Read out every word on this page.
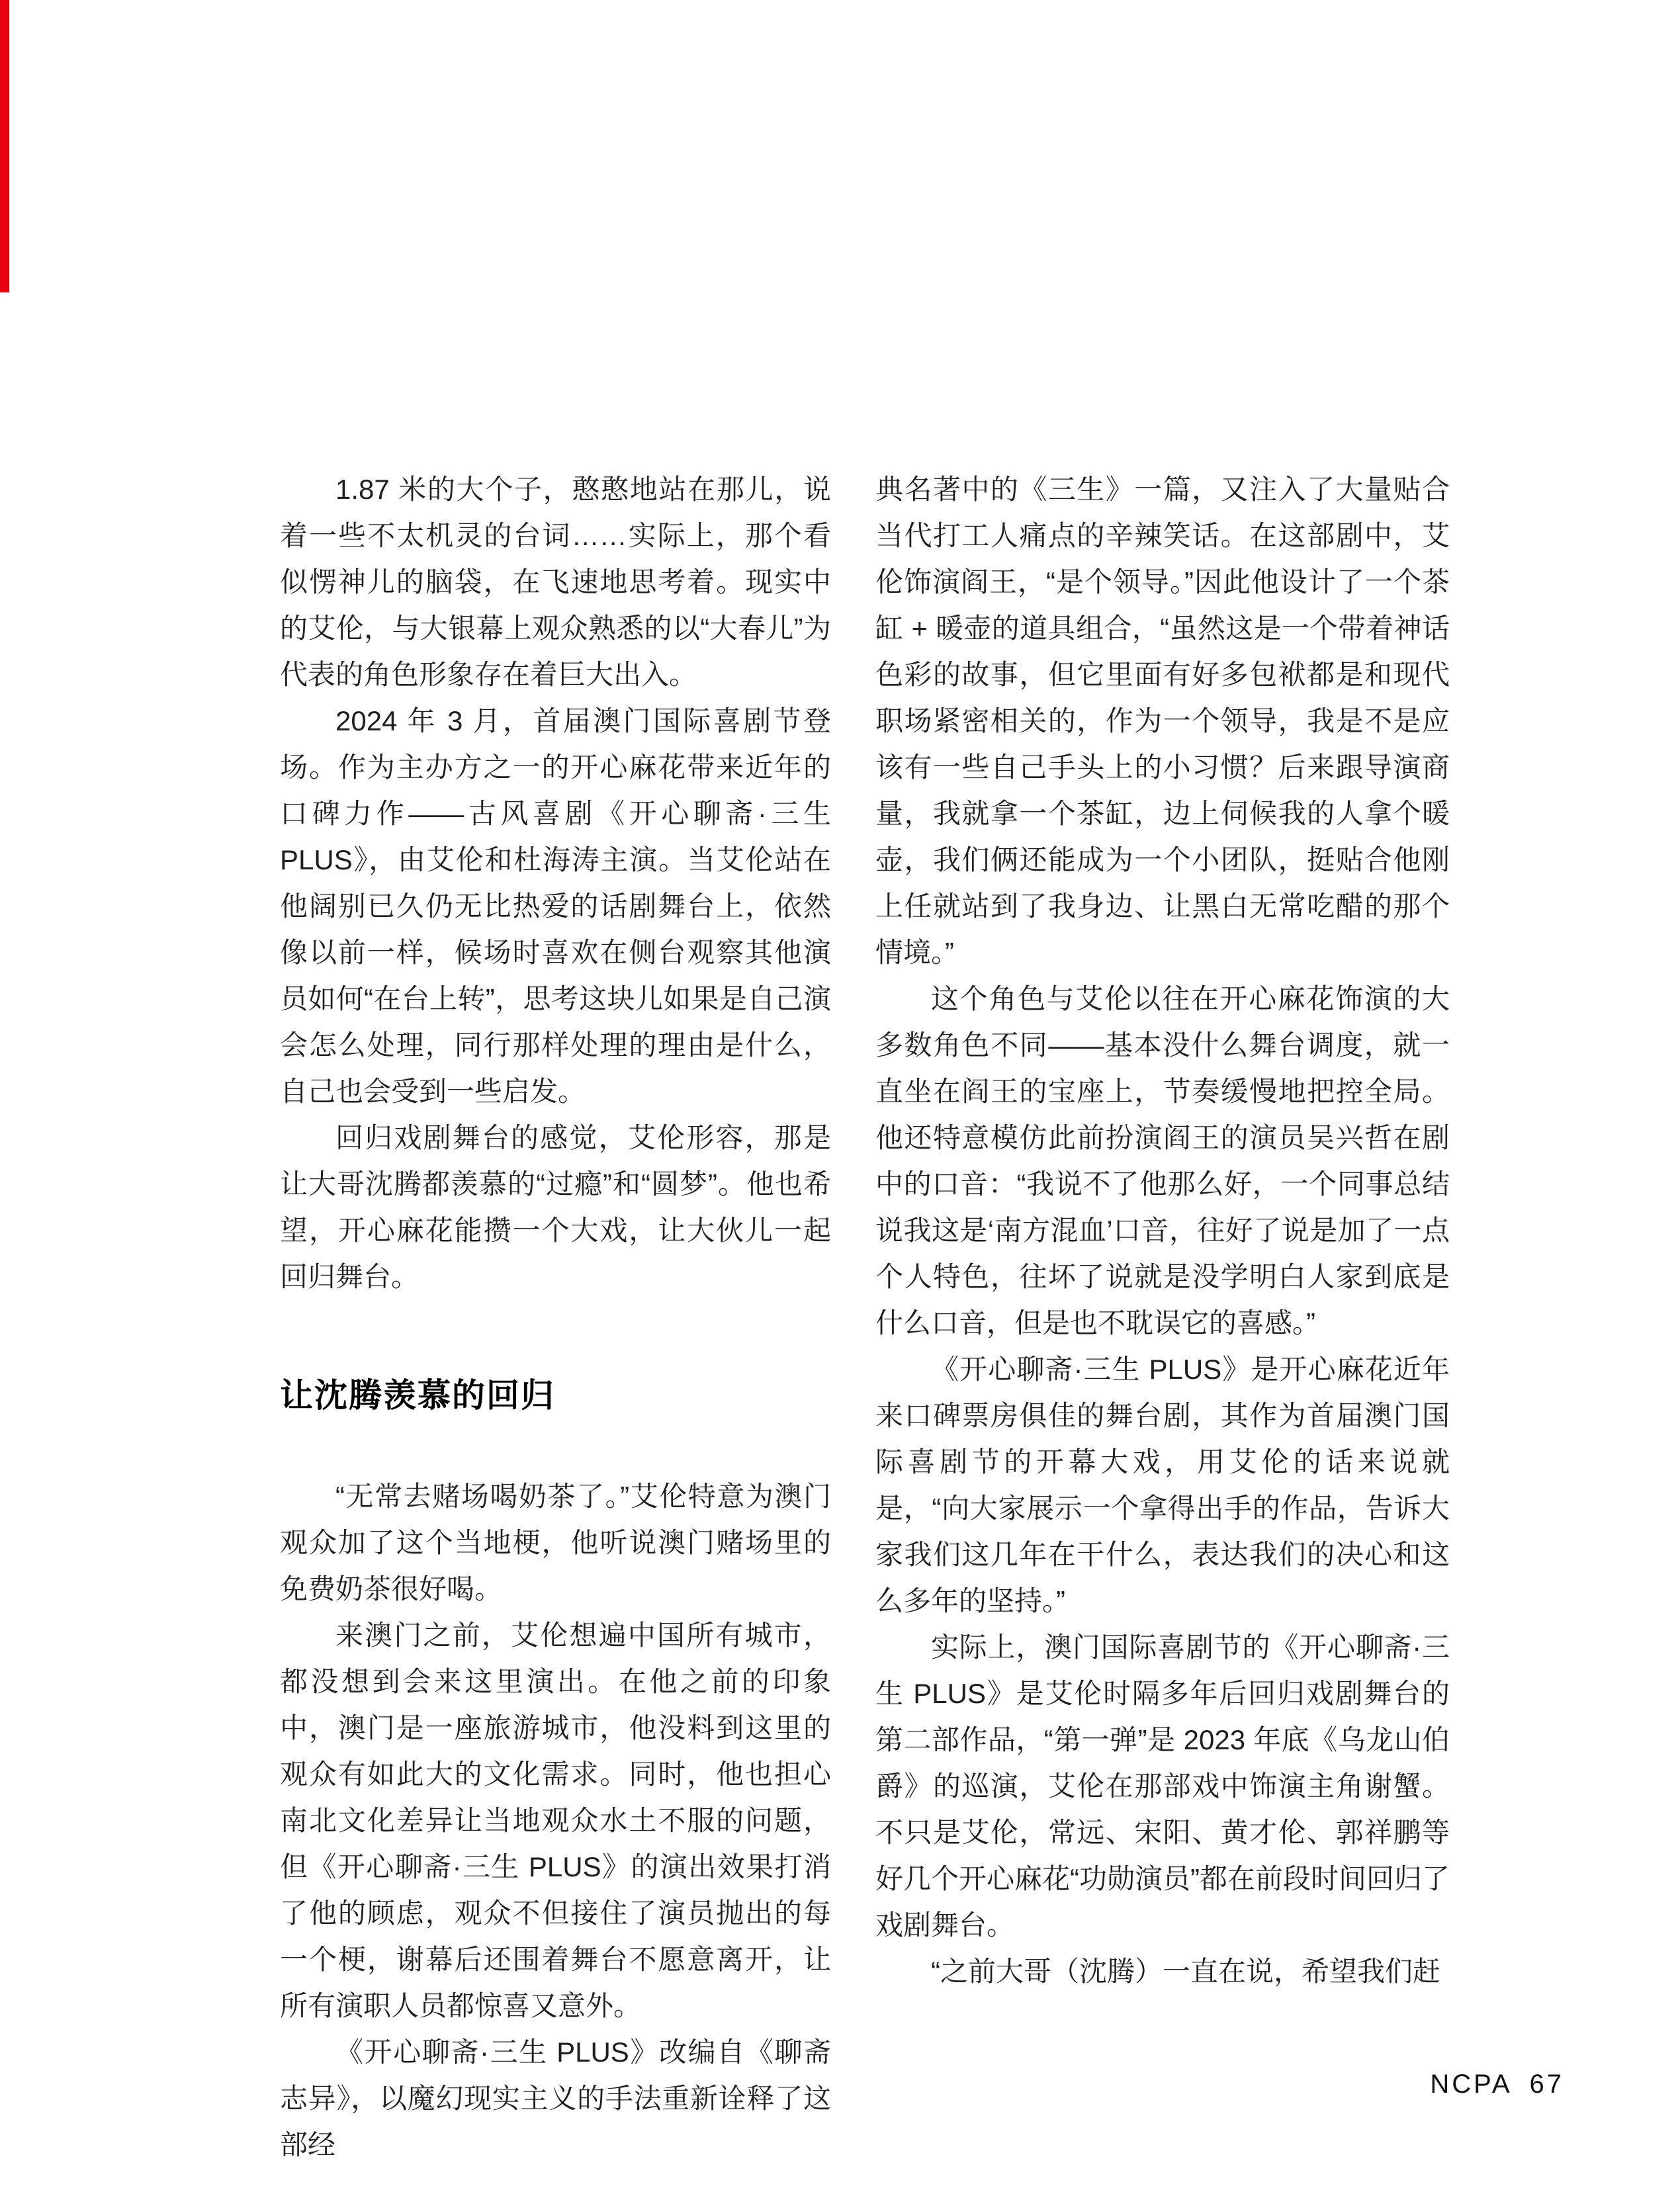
1.87 米的大个子，憨憨地站在那儿，说着一些不太机灵的台词……实际上，那个看似愣神儿的脑袋，在飞速地思考着。现实中的艾伦，与大银幕上观众熟悉的以“大春儿”为代表的角色形象存在着巨大出入。

2024 年 3 月，首届澳门国际喜剧节登场。作为主办方之一的开心麻花带来近年的口碑力作——古风喜剧《开心聊斋·三生 PLUS》，由艾伦和杜海涛主演。当艾伦站在他阔别已久仍无比热爱的话剧舞台上，依然像以前一样，候场时喜欢在侧台观察其他演员如何“在台上转”，思考这块儿如果是自己演会怎么处理，同行那样处理的理由是什么，自己也会受到一些启发。

回归戏剧舞台的感觉，艾伦形容，那是让大哥沈腾都羡慕的“过瘾”和“圆梦”。他也希望，开心麻花能攒一个大戏，让大伙儿一起回归舞台。

让沈腾羡慕的回归

“无常去赌场喝奶茶了。”艾伦特意为澳门观众加了这个当地梗，他听说澳门赌场里的免费奶茶很好喝。

来澳门之前，艾伦想遍中国所有城市，都没想到会来这里演出。在他之前的印象中，澳门是一座旅游城市，他没料到这里的观众有如此大的文化需求。同时，他也担心南北文化差异让当地观众水土不服的问题，但《开心聊斋·三生 PLUS》的演出效果打消了他的顾虑，观众不但接住了演员抛出的每一个梗，谢幕后还围着舞台不愿意离开，让所有演职人员都惊喜又意外。

《开心聊斋·三生 PLUS》改编自《聊斋志异》，以魔幻现实主义的手法重新诠释了这部经

典名著中的《三生》一篇，又注入了大量贴合当代打工人痛点的辛辣笑话。在这部剧中，艾伦饰演阎王，“是个领导。”因此他设计了一个茶缸 + 暖壶的道具组合，“虽然这是一个带着神话色彩的故事，但它里面有好多包袱都是和现代职场紧密相关的，作为一个领导，我是不是应该有一些自己手头上的小习惯？后来跟导演商量，我就拿一个茶缸，边上伺候我的人拿个暖壶，我们俩还能成为一个小团队，挺贴合他刚上任就站到了我身边、让黑白无常吃醋的那个情境。”

这个角色与艾伦以往在开心麻花饰演的大多数角色不同——基本没什么舞台调度，就一直坐在阎王的宝座上，节奏缓慢地把控全局。他还特意模仿此前扮演阎王的演员吴兴哲在剧中的口音：“我说不了他那么好，一个同事总结说我这是‘南方混血’口音，往好了说是加了一点个人特色，往坏了说就是没学明白人家到底是什么口音，但是也不耽误它的喜感。”

《开心聊斋·三生 PLUS》是开心麻花近年来口碑票房俱佳的舞台剧，其作为首届澳门国际喜剧节的开幕大戏，用艾伦的话来说就是，“向大家展示一个拿得出手的作品，告诉大家我们这几年在干什么，表达我们的决心和这么多年的坚持。”

实际上，澳门国际喜剧节的《开心聊斋·三生 PLUS》是艾伦时隔多年后回归戏剧舞台的第二部作品，“第一弹”是 2023 年底《乌龙山伯爵》的巡演，艾伦在那部戏中饰演主角谢蟹。不只是艾伦，常远、宋阳、黄才伦、郭祥鹏等好几个开心麻花“功勋演员”都在前段时间回归了戏剧舞台。

“之前大哥（沈腾）一直在说，希望我们赶

NCPA 67
